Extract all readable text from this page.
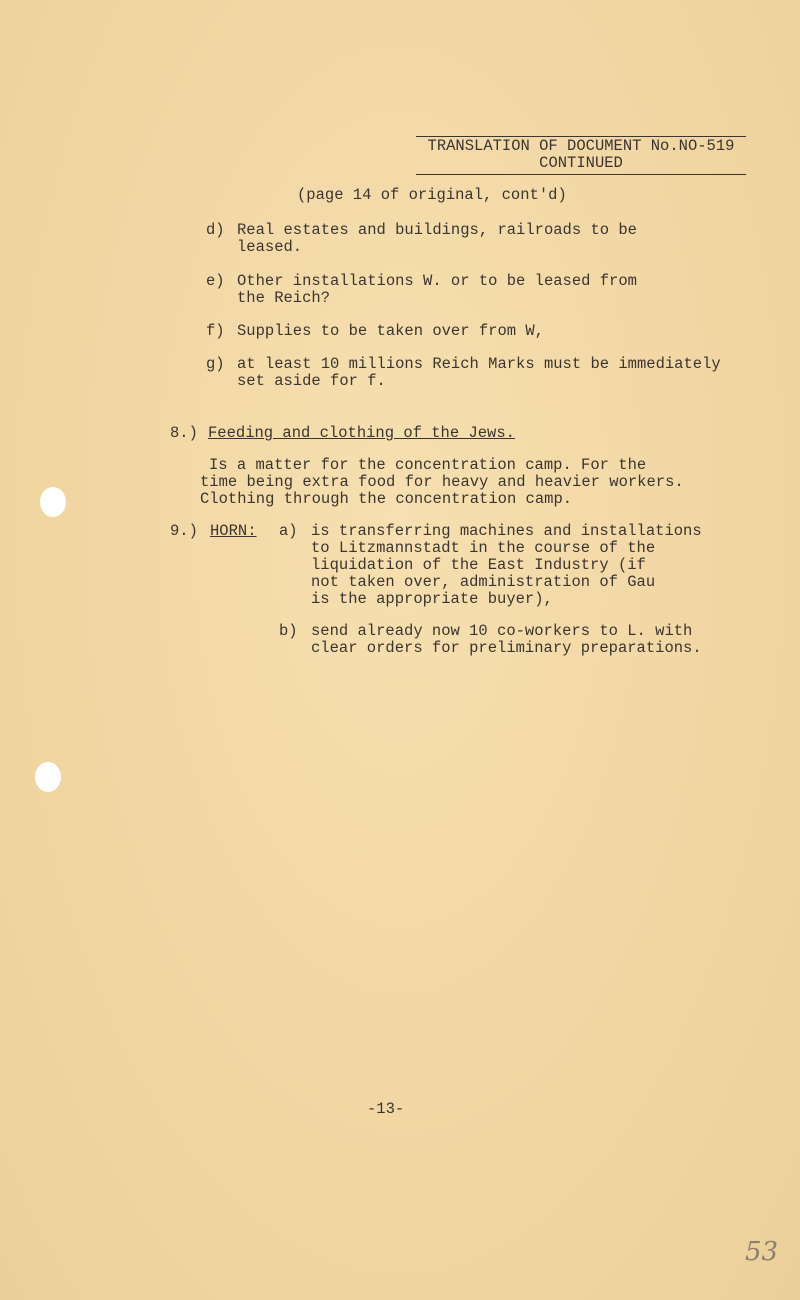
TRANSLATION OF DOCUMENT No.NO-519
CONTINUED
(page 14 of original, cont'd)
d) Real estates and buildings, railroads to be
leased.
e) Other installations W. or to be leased from
the Reich?
f) Supplies to be taken over from W,
g) at least 10 millions Reich Marks must be immediately
set aside for f.
8.) Feeding and clothing of the Jews.
Is a matter for the concentration camp. For the
time being extra food for heavy and heavier workers.
Clothing through the concentration camp.
9.) HORN: a) is transferring machines and installations
to Litzmannstadt in the course of the
liquidation of the East Industry (if
not taken over, administration of Gau
is the appropriate buyer),
b) send already now 10 co-workers to L. with
clear orders for preliminary preparations.
-13-
53
